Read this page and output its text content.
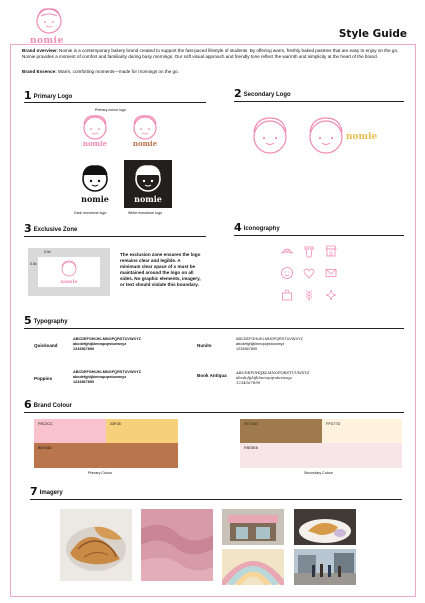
nomie
Style Guide
Brand overview: Nomie is a contemporary bakery brand created to support the fast-paced lifestyle of students. By offering warm, freshly baked pastries that are easy to enjoy on the go, Nomie provides a moment of comfort and familiarity during busy mornings. Our soft visual approach and friendly tone reflect the warmth and simplicity at the heart of the brand.
Brand Essence: Warm, comforting moments—made for mornings on the go.
1 Primary Logo
Primary colour logo
nomie	nomie
nomie	nomie
Dark monotone logo	White monotone logo
2 Secondary Logo
nomie
3 Exclusive Zone
nomie
0.5x
0.5x
The exclusion zone ensures the logo remains clear and legible. A minimum clear space of x must be maintained around the logo on all sides. No graphic elements, imagery, or text should violate this boundary.
4 Iconography
5 Typography
Quicksand
ABCDEFGHIJKLMNOPQRSTUVWXYZ
abcdefghijklmnopqrstuvwxyz
1234567890
Nunito
ABCDEFGHIJKLMNOPQRSTUVWXYZ
abcdefghijklmnopqrstuvwxyz
1234567890
Poppins
ABCDEFGHIJKLMNOPQRSTUVWXYZ
abcdefghijklmnopqrstuvwxyz
1234567890
Book Antiqua
ABCDEFGHIJKLMNOPQRSTUVWXYZ
abcdefghijklmnopqrstuvwxyz
1234567890
6 Brand Colour
F9C2CC	23F26
B9764D
Primary Colour
9E7A4E	FFD77D
F8E5E8
Secondary Colour
7 Imagery
